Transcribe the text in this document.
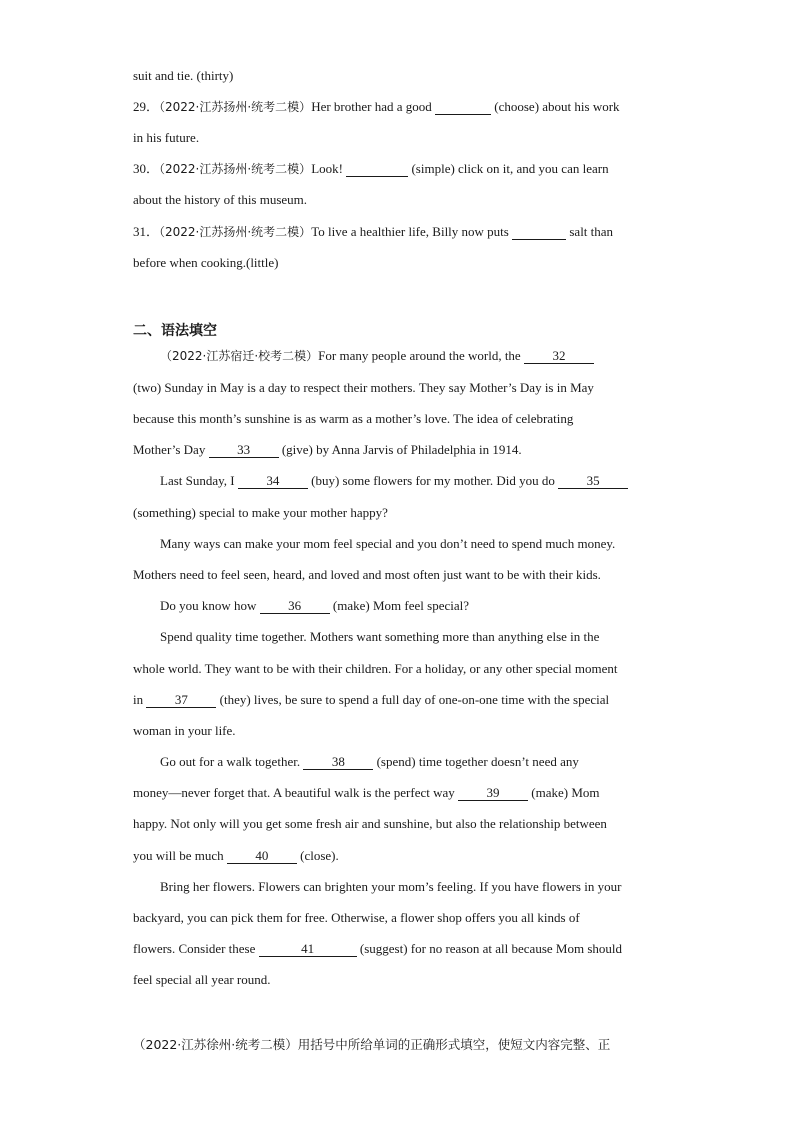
suit and tie. (thirty)
29．（2022·江苏扬州·统考二模）Her brother had a good	(choose) about his work
in his future.
30．（2022·江苏扬州·统考二模）Look!	(simple) click on it, and you can learn
about the history of this museum.
31．（2022·江苏扬州·统考二模）To live a healthier life, Billy now puts	salt than
before when cooking.(little)
二、语法填空
（2022·江苏宿迁·校考二模）For many people around the world, the 32
(two) Sunday in May is a day to respect their mothers. They say Mother’s Day is in May
because this month’s sunshine is as warm as a mother’s love. The idea of celebrating
Mother’s Day 33 (give) by Anna Jarvis of Philadelphia in 1914.
Last Sunday, I 34 (buy) some flowers for my mother. Did you do 35
(something) special to make your mother happy?
Many ways can make your mom feel special and you don’t need to spend much money.
Mothers need to feel seen, heard, and loved and most often just want to be with their kids.
Do you know how 36 (make) Mom feel special?
Spend quality time together. Mothers want something more than anything else in the
whole world. They want to be with their children. For a holiday, or any other special moment
in 37 (they) lives, be sure to spend a full day of one-on-one time with the special
woman in your life.
Go out for a walk together. 38 (spend) time together doesn’t need any
money—never forget that. A beautiful walk is the perfect way 39 (make) Mom
happy. Not only will you get some fresh air and sunshine, but also the relationship between
you will be much 40 (close).
Bring her flowers. Flowers can brighten your mom’s feeling. If you have flowers in your
backyard, you can pick them for free. Otherwise, a flower shop offers you all kinds of
flowers. Consider these	41	(suggest) for no reason at all because Mom should
feel special all year round.
（2022·江苏徐州·统考二模）用括号中所给单词的正确形式填空，使短文内容完整、正
